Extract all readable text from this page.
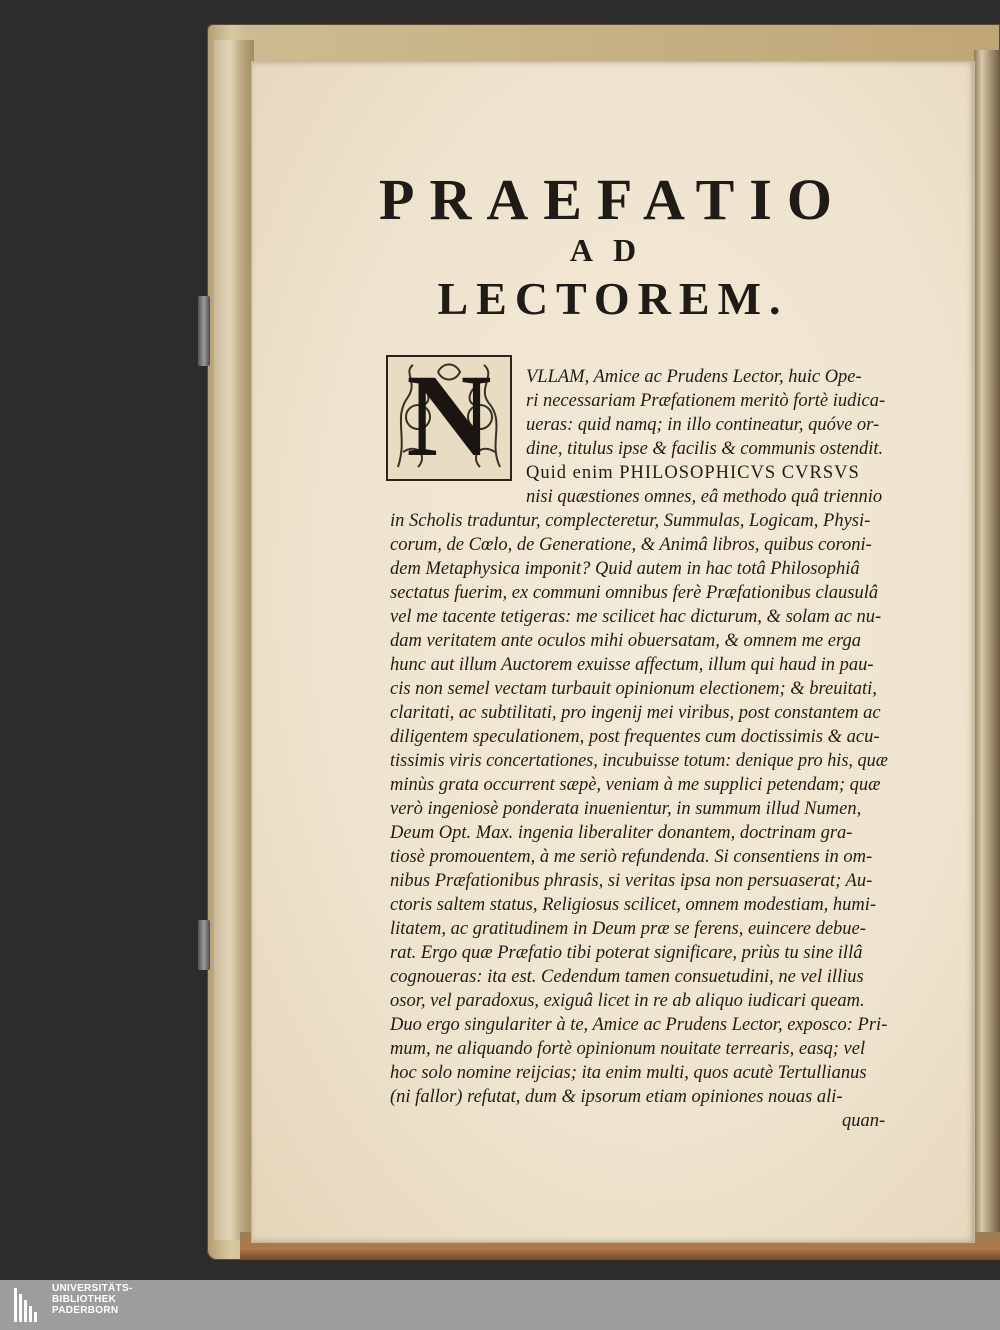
PRAEFATIO
AD
LECTOREM.
N	VLLAM, Amice ac Prudens Lector, huic Ope-

ri necessariam Præfationem meritò fortè iudica-

ueras: quid namq; in illo contineatur, quóve or-

dine, titulus ipse & facilis & communis ostendit.

Quid enim PHILOSOPHICVS CVRSVS

nisi quæstiones omnes, eâ methodo quâ triennio

in Scholis traduntur, complecteretur, Summulas, Logicam, Physi-

corum, de Cœlo, de Generatione, & Animâ libros, quibus coroni-

dem Metaphysica imponit? Quid autem in hac totâ Philosophiâ

sectatus fuerim, ex communi omnibus ferè Præfationibus clausulâ

vel me tacente tetigeras: me scilicet hac dicturum, & solam ac nu-

dam veritatem ante oculos mihi obuersatam, & omnem me erga

hunc aut illum Auctorem exuisse affectum, illum qui haud in pau-

cis non semel vectam turbauit opinionum electionem; & breuitati,

claritati, ac subtilitati, pro ingenij mei viribus, post constantem ac

diligentem speculationem, post frequentes cum doctissimis & acu-

tissimis viris concertationes, incubuisse totum: denique pro his, quæ

minùs grata occurrent sæpè, veniam à me supplici petendam; quæ

verò ingeniosè ponderata inuenientur, in summum illud Numen,

Deum Opt. Max. ingenia liberaliter donantem, doctrinam gra-

tiosè promouentem, à me seriò refundenda. Si consentiens in om-

nibus Præfationibus phrasis, si veritas ipsa non persuaserat; Au-

ctoris saltem status, Religiosus scilicet, omnem modestiam, humi-

litatem, ac gratitudinem in Deum præ se ferens, euincere debue-

rat. Ergo quæ Præfatio tibi poterat significare, priùs tu sine illâ

cognoueras: ita est. Cedendum tamen consuetudini, ne vel illius

osor, vel paradoxus, exiguâ licet in re ab aliquo iudicari queam.

Duo ergo singulariter à te, Amice ac Prudens Lector, exposco: Pri-

mum, ne aliquando fortè opinionum nouitate terrearis, easq; vel

hoc solo nomine reijcias; ita enim multi, quos acutè Tertullianus

(ni fallor) refutat, dum & ipsorum etiam opiniones nouas ali-

quan-

UNIVERSITÄTS-

BIBLIOTHEK

PADERBORN
